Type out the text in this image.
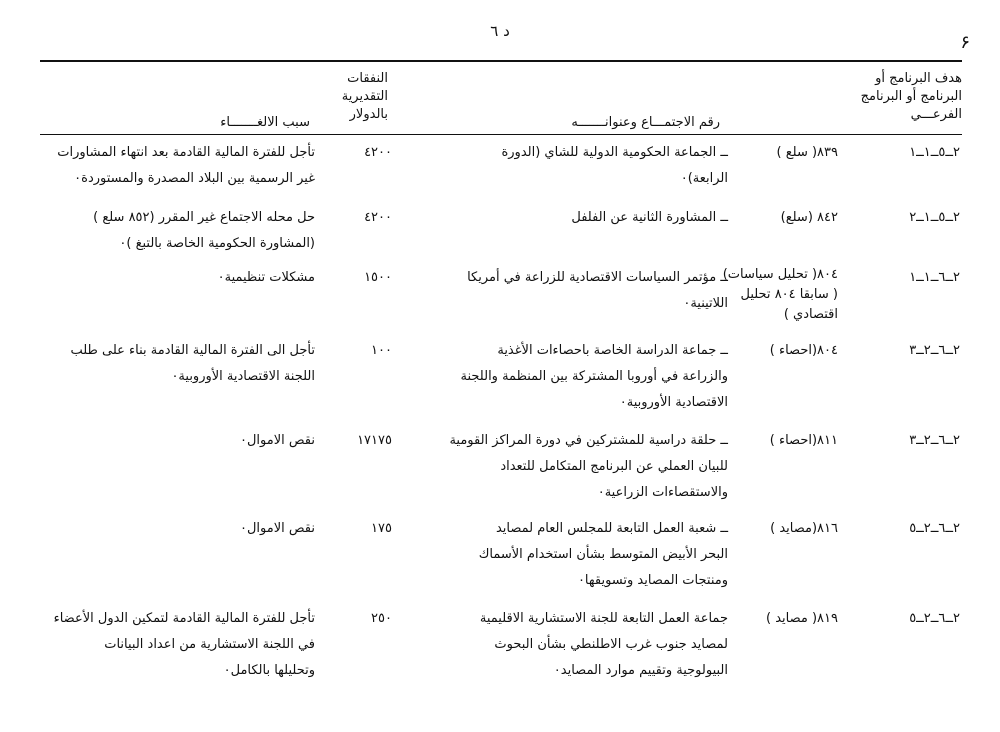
د ٦
۶
هدف البرنامج أو
البرنامج أو البرنامج
الفرعـــي
رقم الاجتمـــاع وعنوانـــــــه
النفقات
التقديرية
بالدولار
سبب الالغـــــــاء
٢ــ٥ــ١ــ١
٨٣٩( سلع )
ــ الجماعة الحكومية الدولية للشاي (الدورة
الرابعة)٠
٤٢٠٠
تأجل للفترة المالية القادمة بعد انتهاء المشاورات
غير الرسمية بين البلاد المصدرة والمستوردة٠
٢ــ٥ــ١ــ٢
٨٤٢ (سلع)
ــ المشاورة الثانية عن الفلفل
٤٢٠٠
حل محله الاجتماع غير المقرر (٨٥٢ سلع )
(المشاورة الحكومية الخاصة بالتبغ )٠
٢ــ٦ــ١ــ١
٨٠٤( تحليل سياسات)
( سابقا ٨٠٤ تحليل
اقتصادي )
ــ مؤتمر السياسات الاقتصادية للزراعة في أمريكا
اللاتينية٠
١٥٠٠
مشكلات تنظيمية٠
٢ــ٦ــ٢ــ٣
٨٠٤(احصاء )
ــ جماعة الدراسة الخاصة باحصاءات الأغذية
والزراعة في أوروبا المشتركة بين المنظمة واللجنة
الاقتصادية الأوروبية٠
١٠٠
تأجل الى الفترة المالية القادمة بناء على طلب
اللجنة الاقتصادية الأوروبية٠
٢ــ٦ــ٢ــ٣
٨١١(احصاء )
ــ حلقة دراسية للمشتركين في دورة المراكز القومية
للبيان العملي عن البرنامج المتكامل للتعداد
والاستقصاءات الزراعية٠
١٧١٧٥
نقص الاموال٠
٢ــ٦ــ٢ــ٥
٨١٦(مصايد )
ــ شعبة العمل التابعة للمجلس العام لمصايد
البحر الأبيض المتوسط بشأن استخدام الأسماك
ومنتجات المصايد وتسويقها٠
١٧٥
نقص الاموال٠
٢ــ٦ــ٢ــ٥
٨١٩( مصايد )
جماعة العمل التابعة للجنة الاستشارية الاقليمية
لمصايد جنوب غرب الاطلنطي بشأن البحوث
البيولوجية وتقييم موارد المصايد٠
٢٥٠
تأجل للفترة المالية القادمة لتمكين الدول الأعضاء
في اللجنة الاستشارية من اعداد البيانات
وتحليلها بالكامل٠
